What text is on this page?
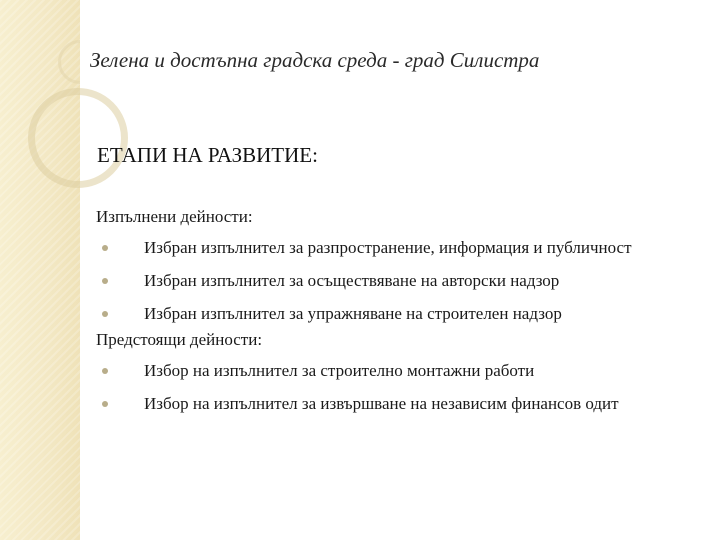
Зелена и достъпна градска среда - град Силистра
ЕТАПИ НА РАЗВИТИЕ:

Изпълнени дейности:

Избран изпълнител за разпространение, информация и публичност
Избран изпълнител за осъществяване на авторски надзор
Избран изпълнител за упражняване на строителен надзор

Предстоящи дейности:

Избор на изпълнител за строително монтажни работи
Избор на изпълнител за извършване на независим финансов одит
